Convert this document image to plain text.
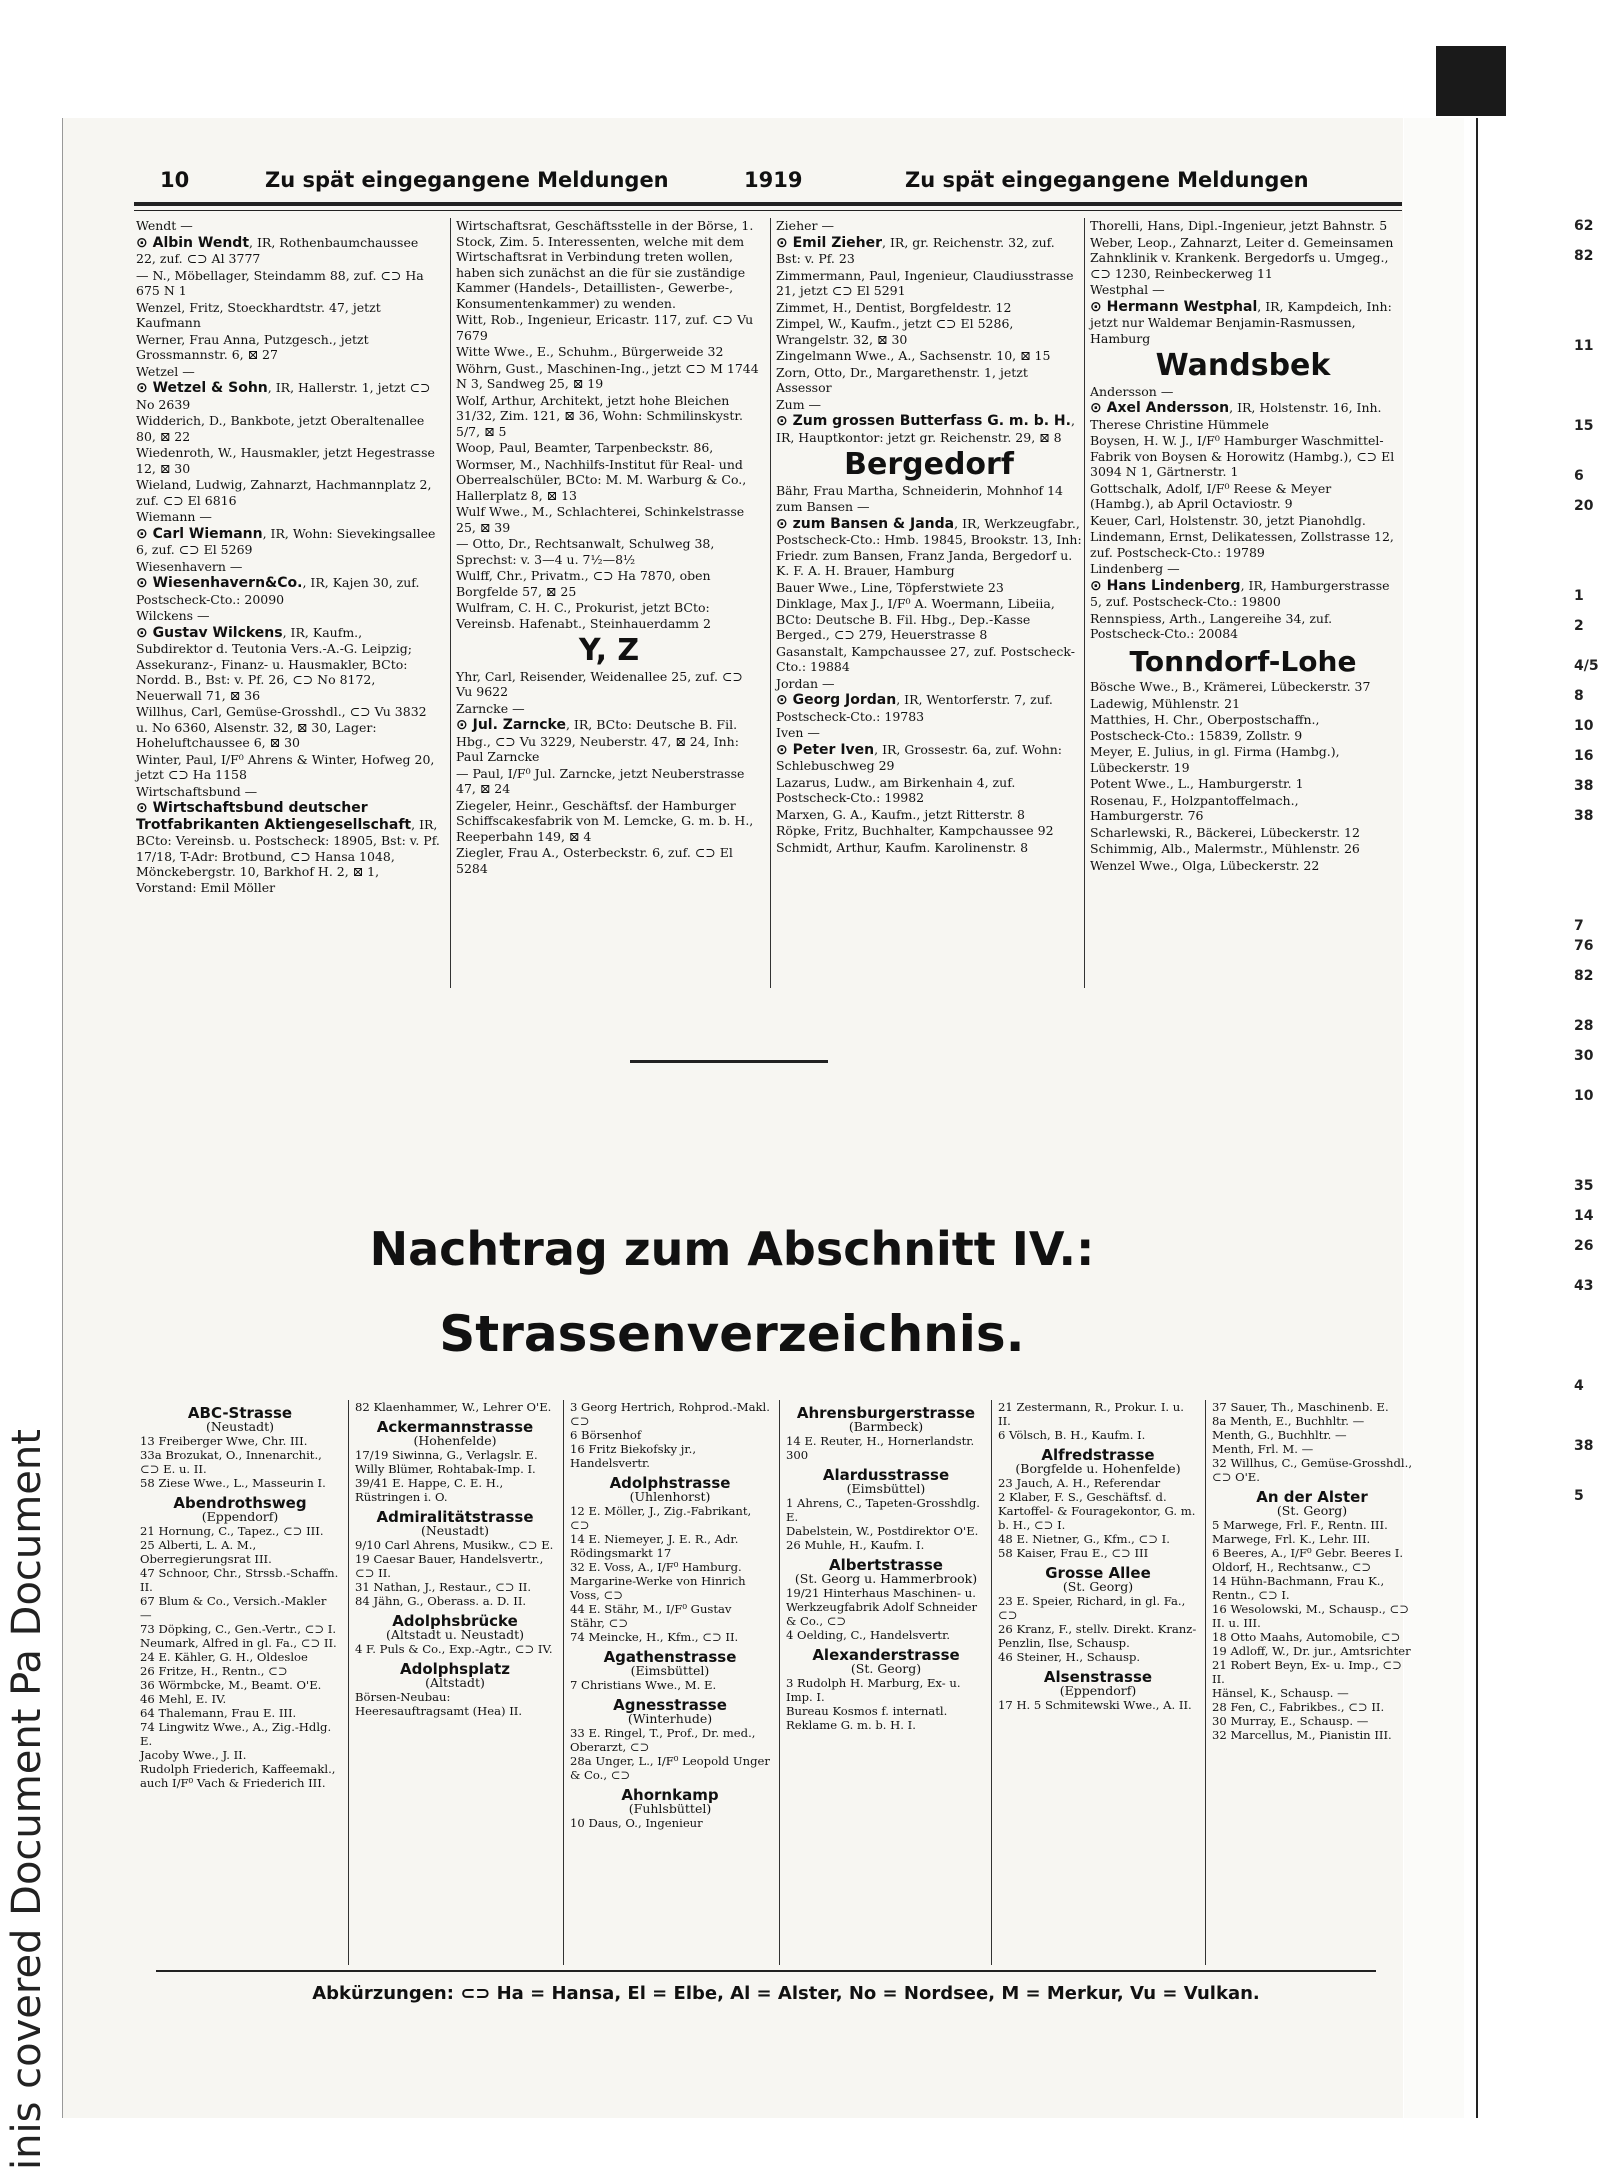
inis covered Document Pa Document
62
82
11
15
6
20
1
2
4/5
8
10
16
38
38
7
76
82
28
30
10
35
14
26
43
4
38
5
10	Zu spät eingegangene Meldungen	1919	Zu spät eingegangene Meldungen

Wendt —

⊙ Albin Wendt, IR, Rothenbaumchaussee 22, zuf. ⊂⊃ Al 3777

— N., Möbellager, Steindamm 88, zuf. ⊂⊃ Ha 675 N 1

Wenzel, Fritz, Stoeckhardtstr. 47, jetzt Kaufmann

Werner, Frau Anna, Putzgesch., jetzt Grossmannstr. 6, ⊠ 27

Wetzel —

⊙ Wetzel & Sohn, IR, Hallerstr. 1, jetzt ⊂⊃ No 2639

Widderich, D., Bankbote, jetzt Oberaltenallee 80, ⊠ 22

Wiedenroth, W., Hausmakler, jetzt Hegestrasse 12, ⊠ 30

Wieland, Ludwig, Zahnarzt, Hachmannplatz 2, zuf. ⊂⊃ El 6816

Wiemann —

⊙ Carl Wiemann, IR, Wohn: Sievekingsallee 6, zuf. ⊂⊃ El 5269

Wiesenhavern —

⊙ Wiesenhavern&Co., IR, Kajen 30, zuf. Postscheck-Cto.: 20090

Wilckens —

⊙ Gustav Wilckens, IR, Kaufm., Subdirektor d. Teutonia Vers.-A.-G. Leipzig; Assekuranz-, Finanz- u. Hausmakler, BCto: Nordd. B., Bst: v. Pf. 26, ⊂⊃ No 8172, Neuerwall 71, ⊠ 36

Willhus, Carl, Gemüse-Grosshdl., ⊂⊃ Vu 3832 u. No 6360, Alsenstr. 32, ⊠ 30, Lager: Hoheluftchaussee 6, ⊠ 30

Winter, Paul, I/F⁰ Ahrens & Winter, Hofweg 20, jetzt ⊂⊃ Ha 1158

Wirtschaftsbund —

⊙ Wirtschaftsbund deutscher Trotfabrikanten Aktiengesellschaft, IR, BCto: Vereinsb. u. Postscheck: 18905, Bst: v. Pf. 17/18, T-Adr: Brotbund, ⊂⊃ Hansa 1048, Mönckebergstr. 10, Barkhof H. 2, ⊠ 1, Vorstand: Emil Möller

Wirtschaftsrat, Geschäftsstelle in der Börse, 1. Stock, Zim. 5. Interessenten, welche mit dem Wirtschaftsrat in Verbindung treten wollen, haben sich zunächst an die für sie zuständige Kammer (Handels-, Detaillisten-, Gewerbe-, Konsumentenkammer) zu wenden.

Witt, Rob., Ingenieur, Ericastr. 117, zuf. ⊂⊃ Vu 7679

Witte Wwe., E., Schuhm., Bürgerweide 32

Wöhrn, Gust., Maschinen-Ing., jetzt ⊂⊃ M 1744 N 3, Sandweg 25, ⊠ 19

Wolf, Arthur, Architekt, jetzt hohe Bleichen 31/32, Zim. 121, ⊠ 36, Wohn: Schmilinskystr. 5/7, ⊠ 5

Woop, Paul, Beamter, Tarpenbeckstr. 86,

Wormser, M., Nachhilfs-Institut für Real- und Oberrealschüler, BCto: M. M. Warburg & Co., Hallerplatz 8, ⊠ 13

Wulf Wwe., M., Schlachterei, Schinkelstrasse 25, ⊠ 39

— Otto, Dr., Rechtsanwalt, Schulweg 38, Sprechst: v. 3—4 u. 7½—8½

Wulff, Chr., Privatm., ⊂⊃ Ha 7870, oben Borgfelde 57, ⊠ 25

Wulfram, C. H. C., Prokurist, jetzt BCto: Vereinsb. Hafenabt., Steinhauerdamm 2

Y, Z

Yhr, Carl, Reisender, Weidenallee 25, zuf. ⊂⊃ Vu 9622

Zarncke —

⊙ Jul. Zarncke, IR, BCto: Deutsche B. Fil. Hbg., ⊂⊃ Vu 3229, Neuberstr. 47, ⊠ 24, Inh: Paul Zarncke

— Paul, I/F⁰ Jul. Zarncke, jetzt Neuberstrasse 47, ⊠ 24

Ziegeler, Heinr., Geschäftsf. der Hamburger Schiffscakesfabrik von M. Lemcke, G. m. b. H., Reeperbahn 149, ⊠ 4

Ziegler, Frau A., Osterbeckstr. 6, zuf. ⊂⊃ El 5284

Zieher —

⊙ Emil Zieher, IR, gr. Reichenstr. 32, zuf. Bst: v. Pf. 23

Zimmermann, Paul, Ingenieur, Claudiusstrasse 21, jetzt ⊂⊃ El 5291

Zimmet, H., Dentist, Borgfeldestr. 12

Zimpel, W., Kaufm., jetzt ⊂⊃ El 5286, Wrangelstr. 32, ⊠ 30

Zingelmann Wwe., A., Sachsenstr. 10, ⊠ 15

Zorn, Otto, Dr., Margarethenstr. 1, jetzt Assessor

Zum —

⊙ Zum grossen Butterfass G. m. b. H., IR, Hauptkontor: jetzt gr. Reichenstr. 29, ⊠ 8

Bergedorf

Bähr, Frau Martha, Schneiderin, Mohnhof 14

zum Bansen —

⊙ zum Bansen & Janda, IR, Werkzeugfabr., Postscheck-Cto.: Hmb. 19845, Brookstr. 13, Inh: Friedr. zum Bansen, Franz Janda, Bergedorf u. K. F. A. H. Brauer, Hamburg

Bauer Wwe., Line, Töpferstwiete 23

Dinklage, Max J., I/F⁰ A. Woermann, Libeiia, BCto: Deutsche B. Fil. Hbg., Dep.-Kasse Berged., ⊂⊃ 279, Heuerstrasse 8

Gasanstalt, Kampchaussee 27, zuf. Postscheck-Cto.: 19884

Jordan —

⊙ Georg Jordan, IR, Wentorferstr. 7, zuf. Postscheck-Cto.: 19783

Iven —

⊙ Peter Iven, IR, Grossestr. 6a, zuf. Wohn: Schlebuschweg 29

Lazarus, Ludw., am Birkenhain 4, zuf. Postscheck-Cto.: 19982

Marxen, G. A., Kaufm., jetzt Ritterstr. 8

Röpke, Fritz, Buchhalter, Kampchaussee 92

Schmidt, Arthur, Kaufm. Karolinenstr. 8

Thorelli, Hans, Dipl.-Ingenieur, jetzt Bahnstr. 5

Weber, Leop., Zahnarzt, Leiter d. Gemeinsamen Zahnklinik v. Krankenk. Bergedorfs u. Umgeg., ⊂⊃ 1230, Reinbeckerweg 11

Westphal —

⊙ Hermann Westphal, IR, Kampdeich, Inh: jetzt nur Waldemar Benjamin-Rasmussen, Hamburg

Wandsbek

Andersson —

⊙ Axel Andersson, IR, Holstenstr. 16, Inh. Therese Christine Hümmele

Boysen, H. W. J., I/F⁰ Hamburger Waschmittel-Fabrik von Boysen & Horowitz (Hambg.), ⊂⊃ El 3094 N 1, Gärtnerstr. 1

Gottschalk, Adolf, I/F⁰ Reese & Meyer (Hambg.), ab April Octaviostr. 9

Keuer, Carl, Holstenstr. 30, jetzt Pianohdlg.

Lindemann, Ernst, Delikatessen, Zollstrasse 12, zuf. Postscheck-Cto.: 19789

Lindenberg —

⊙ Hans Lindenberg, IR, Hamburgerstrasse 5, zuf. Postscheck-Cto.: 19800

Rennspiess, Arth., Langereihe 34, zuf. Postscheck-Cto.: 20084

Tonndorf-Lohe

Bösche Wwe., B., Krämerei, Lübeckerstr. 37

Ladewig, Mühlenstr. 21

Matthies, H. Chr., Oberpostschaffn., Postscheck-Cto.: 15839, Zollstr. 9

Meyer, E. Julius, in gl. Firma (Hambg.), Lübeckerstr. 19

Potent Wwe., L., Hamburgerstr. 1

Rosenau, F., Holzpantoffelmach., Hamburgerstr. 76

Scharlewski, R., Bäckerei, Lübeckerstr. 12

Schimmig, Alb., Malermstr., Mühlenstr. 26

Wenzel Wwe., Olga, Lübeckerstr. 22

Nachtrag zum Abschnitt IV.:
Strassenverzeichnis.

ABC-Strasse

(Neustadt)

13 Freiberger Wwe, Chr. III.

33a Brozukat, O., Innenarchit., ⊂⊃ E. u. II.

58 Ziese Wwe., L., Masseurin I.

Abendrothsweg

(Eppendorf)

21 Hornung, C., Tapez., ⊂⊃ III.

25 Alberti, L. A. M., Oberregierungsrat III.

47 Schnoor, Chr., Strssb.-Schaffn. II.

67 Blum & Co., Versich.-Makler —

73 Döpking, C., Gen.-Vertr., ⊂⊃ I.

Neumark, Alfred in gl. Fa., ⊂⊃ II.

24 E. Kähler, G. H., Oldesloe

26 Fritze, H., Rentn., ⊂⊃

36 Wörmbcke, M., Beamt. O'E.

46 Mehl, E. IV.

64 Thalemann, Frau E. III.

74 Lingwitz Wwe., A., Zig.-Hdlg. E.

Jacoby Wwe., J. II.

Rudolph Friederich, Kaffeemakl., auch I/F⁰ Vach & Friederich III.

82 Klaenhammer, W., Lehrer O'E.

Ackermannstrasse

(Hohenfelde)

17/19 Siwinna, G., Verlagslr. E.

Willy Blümer, Rohtabak-Imp. I.

39/41 E. Happe, C. E. H., Rüstringen i. O.

Admiralitätstrasse

(Neustadt)

9/10 Carl Ahrens, Musikw., ⊂⊃ E.

19 Caesar Bauer, Handelsvertr., ⊂⊃ II.

31 Nathan, J., Restaur., ⊂⊃ II.

84 Jähn, G., Oberass. a. D. II.

Adolphsbrücke

(Altstadt u. Neustadt)

4 F. Puls & Co., Exp.-Agtr., ⊂⊃ IV.

Adolphsplatz

(Altstadt)

Börsen-Neubau: Heeresauftragsamt (Hea) II.

3 Georg Hertrich, Rohprod.-Makl. ⊂⊃

6 Börsenhof

16 Fritz Biekofsky jr., Handelsvertr.

Adolphstrasse

(Uhlenhorst)

12 E. Möller, J., Zig.-Fabrikant, ⊂⊃

14 E. Niemeyer, J. E. R., Adr. Rödingsmarkt 17

32 E. Voss, A., I/F⁰ Hamburg. Margarine-Werke von Hinrich Voss, ⊂⊃

44 E. Stähr, M., I/F⁰ Gustav Stähr, ⊂⊃

74 Meincke, H., Kfm., ⊂⊃ II.

Agathenstrasse

(Eimsbüttel)

7 Christians Wwe., M. E.

Agnesstrasse

(Winterhude)

33 E. Ringel, T., Prof., Dr. med., Oberarzt, ⊂⊃

28a Unger, L., I/F⁰ Leopold Unger & Co., ⊂⊃

Ahornkamp

(Fuhlsbüttel)

10 Daus, O., Ingenieur

Ahrensburgerstrasse

(Barmbeck)

14 E. Reuter, H., Hornerlandstr. 300

Alardusstrasse

(Eimsbüttel)

1 Ahrens, C., Tapeten-Grosshdlg. E.

Dabelstein, W., Postdirektor O'E.

26 Muhle, H., Kaufm. I.

Albertstrasse

(St. Georg u. Hammerbrook)

19/21 Hinterhaus Maschinen- u. Werkzeugfabrik Adolf Schneider & Co., ⊂⊃

4 Oelding, C., Handelsvertr.

Alexanderstrasse

(St. Georg)

3 Rudolph H. Marburg, Ex- u. Imp. I.

Bureau Kosmos f. internatl. Reklame G. m. b. H. I.

21 Zestermann, R., Prokur. I. u. II.

6 Völsch, B. H., Kaufm. I.

Alfredstrasse

(Borgfelde u. Hohenfelde)

23 Jauch, A. H., Referendar

2 Klaber, F. S., Geschäftsf. d. Kartoffel- & Fouragekontor, G. m. b. H., ⊂⊃ I.

48 E. Nietner, G., Kfm., ⊂⊃ I.

58 Kaiser, Frau E., ⊂⊃ III

Grosse Allee

(St. Georg)

23 E. Speier, Richard, in gl. Fa., ⊂⊃

26 Kranz, F., stellv. Direkt. Kranz-Penzlin, Ilse, Schausp.

46 Steiner, H., Schausp.

Alsenstrasse

(Eppendorf)

17 H. 5 Schmitewski Wwe., A. II.

37 Sauer, Th., Maschinenb. E.

8a Menth, E., Buchhltr. —

Menth, G., Buchhltr. —

Menth, Frl. M. —

32 Willhus, C., Gemüse-Grosshdl., ⊂⊃ O'E.

An der Alster

(St. Georg)

5 Marwege, Frl. F., Rentn. III.

Marwege, Frl. K., Lehr. III.

6 Beeres, A., I/F⁰ Gebr. Beeres I.

Oldorf, H., Rechtsanw., ⊂⊃

14 Hühn-Bachmann, Frau K., Rentn., ⊂⊃ I.

16 Wesolowski, M., Schausp., ⊂⊃ II. u. III.

18 Otto Maahs, Automobile, ⊂⊃

19 Adloff, W., Dr. jur., Amtsrichter

21 Robert Beyn, Ex- u. Imp., ⊂⊃ II.

Hänsel, K., Schausp. —

28 Fen, C., Fabrikbes., ⊂⊃ II.

30 Murray, E., Schausp. —

32 Marcellus, M., Pianistin III.

Abkürzungen: ⊂⊃ Ha = Hansa, El = Elbe, Al = Alster, No = Nordsee, M = Merkur, Vu = Vulkan.
